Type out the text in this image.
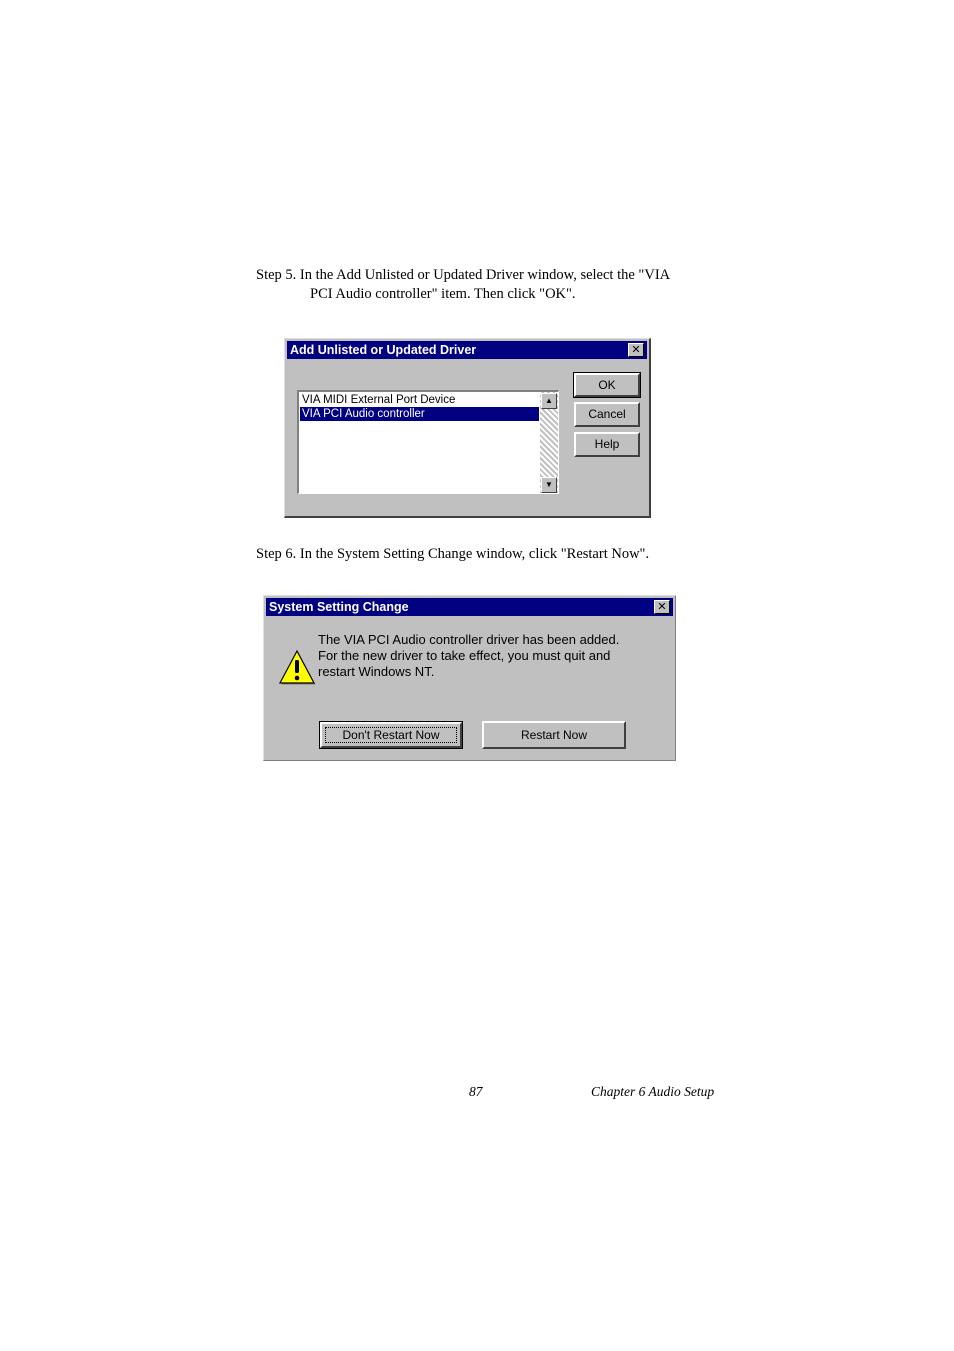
Step 5. In the Add Unlisted or Updated Driver window, select the "VIA
PCI Audio controller" item. Then click "OK".
Add Unlisted or Updated Driver	✕
VIA MIDI External Port Device
VIA PCI Audio controller
▲
▼
OK
Cancel
Help
Step 6. In the System Setting Change window, click "Restart Now".
System Setting Change	✕
The VIA PCI Audio controller driver has been added.
For the new driver to take effect, you must quit and
restart Windows NT.
Don't Restart Now	Restart Now
87	Chapter 6 Audio Setup
